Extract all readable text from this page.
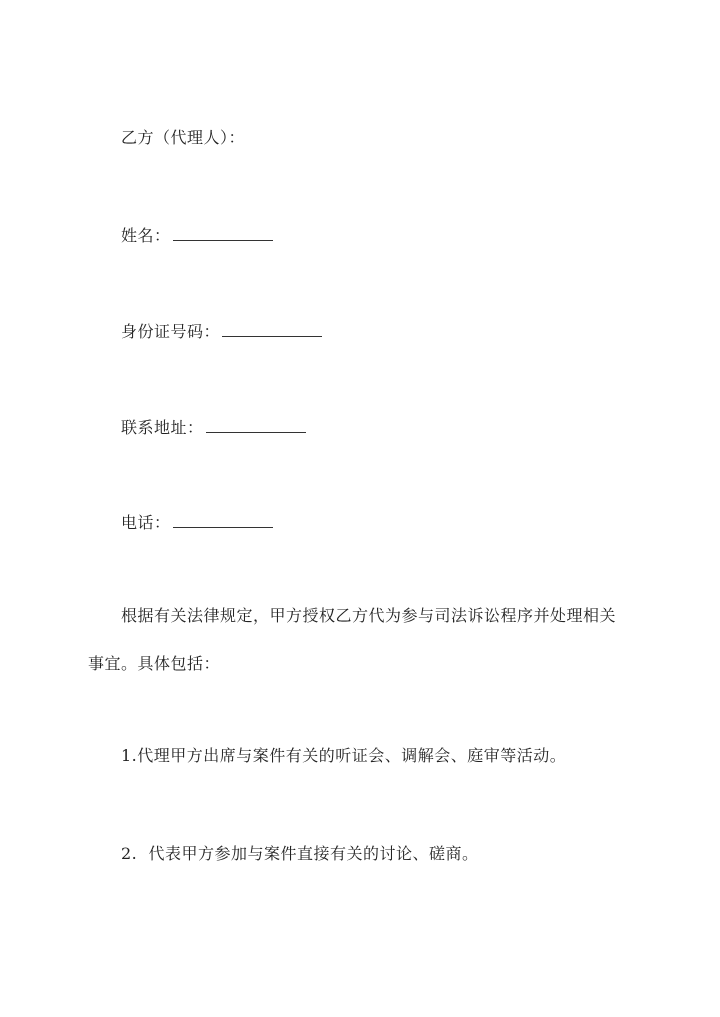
乙方（代理人）：
姓名：
身份证号码：
联系地址：
电话：
根据有关法律规定，甲方授权乙方代为参与司法诉讼程序并处理相关
事宜。具体包括：
1.代理甲方出席与案件有关的听证会、调解会、庭审等活动。
2.  代表甲方参加与案件直接有关的讨论、磋商。
